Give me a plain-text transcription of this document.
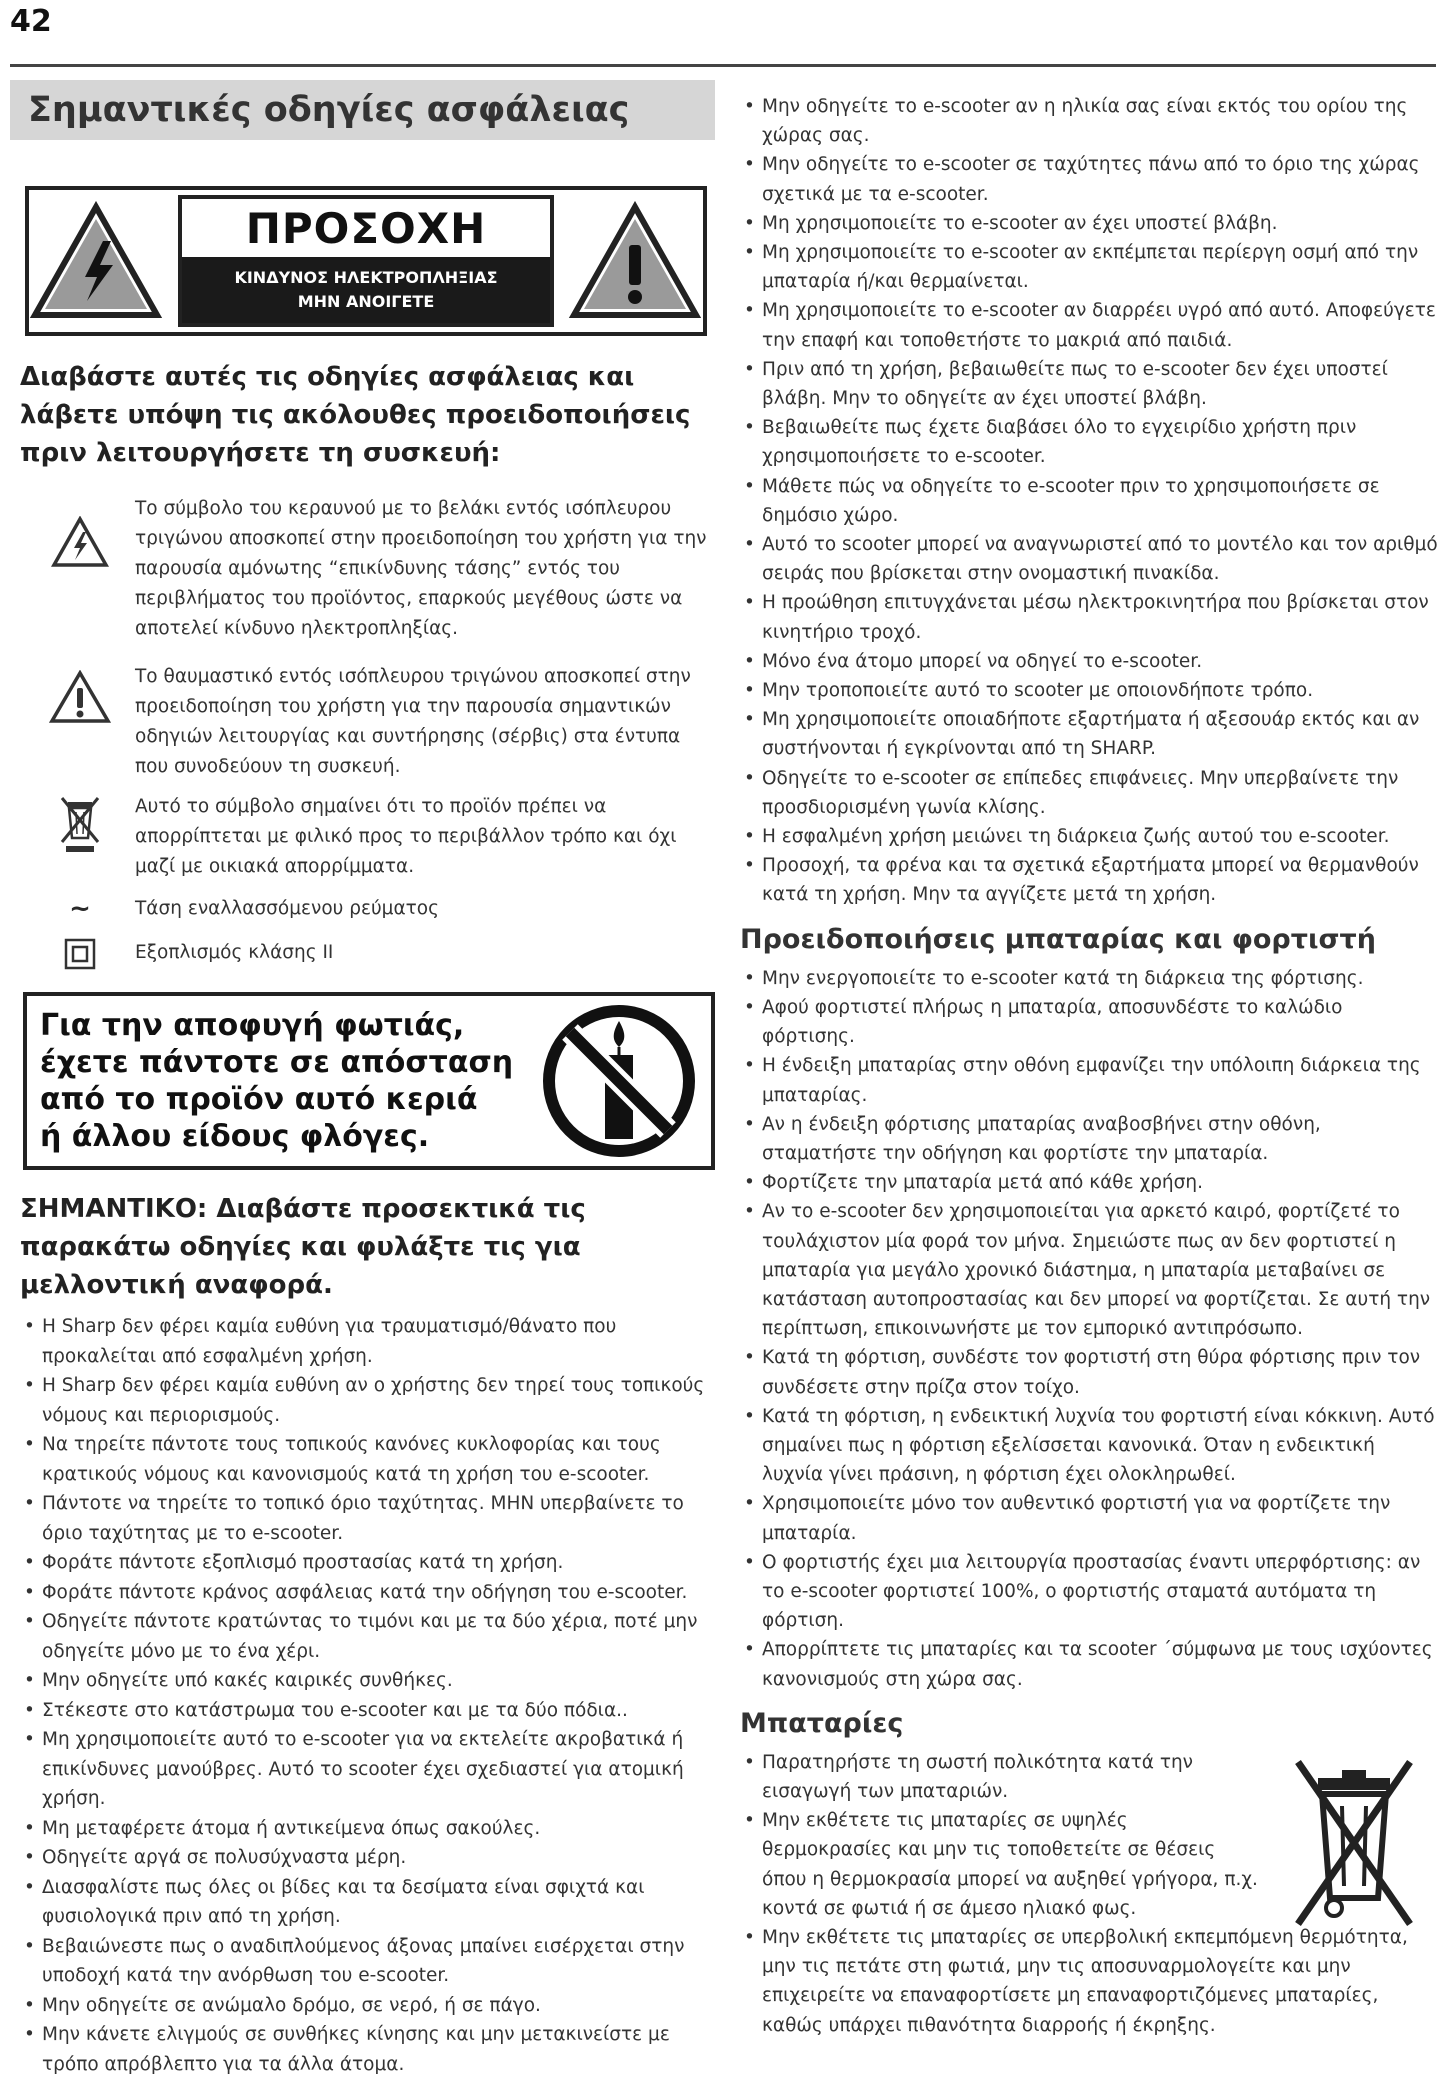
42
Σημαντικές οδηγίες ασφάλειας
ΠΡΟΣΟΧΗ
ΚΙΝΔΥΝΟΣ ΗΛΕΚΤΡΟΠΛΗΞΙΑΣ
ΜΗΝ ΑΝΟΙΓΕΤΕ
Διαβάστε αυτές τις οδηγίες ασφάλειας και λάβετε υπόψη τις ακόλουθες προειδοποιήσεις πριν λειτουργήσετε τη συσκευή:
Το σύμβολο του κεραυνού με το βελάκι εντός ισόπλευρου τριγώνου αποσκοπεί στην προειδοποίηση του χρήστη για την παρουσία αμόνωτης “επικίνδυνης τάσης” εντός του περιβλήματος του προϊόντος, επαρκούς μεγέθους ώστε να αποτελεί κίνδυνο ηλεκτροπληξίας.
Το θαυμαστικό εντός ισόπλευρου τριγώνου αποσκοπεί στην προειδοποίηση του χρήστη για την παρουσία σημαντικών οδηγιών λειτουργίας και συντήρησης (σέρβις) στα έντυπα που συνοδεύουν τη συσκευή.
Αυτό το σύμβολο σημαίνει ότι το προϊόν πρέπει να απορρίπτεται με φιλικό προς το περιβάλλον τρόπο και όχι μαζί με οικιακά απορρίμματα.
~	Τάση εναλλασσόμενου ρεύματος
Εξοπλισμός κλάσης II
Για την αποφυγή φωτιάς,
έχετε πάντοτε σε απόσταση
από το προϊόν αυτό κεριά
ή άλλου είδους φλόγες.
ΣΗΜΑΝΤΙΚΟ: Διαβάστε προσεκτικά τις παρακάτω οδηγίες και φυλάξτε τις για μελλοντική αναφορά.
• Η Sharp δεν φέρει καμία ευθύνη για τραυματισμό/θάνατο που προκαλείται από εσφαλμένη χρήση.
• Η Sharp δεν φέρει καμία ευθύνη αν ο χρήστης δεν τηρεί τους τοπικούς νόμους και περιορισμούς.
• Να τηρείτε πάντοτε τους τοπικούς κανόνες κυκλοφορίας και τους κρατικούς νόμους και κανονισμούς κατά τη χρήση του e-scooter.
• Πάντοτε να τηρείτε το τοπικό όριο ταχύτητας. ΜΗΝ υπερβαίνετε το όριο ταχύτητας με το e-scooter.
• Φοράτε πάντοτε εξοπλισμό προστασίας κατά τη χρήση.
• Φοράτε πάντοτε κράνος ασφάλειας κατά την οδήγηση του e-scooter.
• Οδηγείτε πάντοτε κρατώντας το τιμόνι και με τα δύο χέρια, ποτέ μην οδηγείτε μόνο με το ένα χέρι.
• Μην οδηγείτε υπό κακές καιρικές συνθήκες.
• Στέκεστε στο κατάστρωμα του e-scooter και με τα δύο πόδια..
• Μη χρησιμοποιείτε αυτό το e-scooter για να εκτελείτε ακροβατικά ή επικίνδυνες μανούβρες. Αυτό το scooter έχει σχεδιαστεί για ατομική χρήση.
• Μη μεταφέρετε άτομα ή αντικείμενα όπως σακούλες.
• Οδηγείτε αργά σε πολυσύχναστα μέρη.
• Διασφαλίστε πως όλες οι βίδες και τα δεσίματα είναι σφιχτά και φυσιολογικά πριν από τη χρήση.
• Βεβαιώνεστε πως ο αναδιπλούμενος άξονας μπαίνει εισέρχεται στην υποδοχή κατά την ανόρθωση του e-scooter.
• Μην οδηγείτε σε ανώμαλο δρόμο, σε νερό, ή σε πάγο.
• Μην κάνετε ελιγμούς σε συνθήκες κίνησης και μην μετακινείστε με τρόπο απρόβλεπτο για τα άλλα άτομα.
• Μην οδηγείτε το e-scooter αν η ηλικία σας είναι εκτός του ορίου της χώρας σας.
• Μην οδηγείτε το e-scooter σε ταχύτητες πάνω από το όριο της χώρας σχετικά με τα e-scooter.
• Μη χρησιμοποιείτε το e-scooter αν έχει υποστεί βλάβη.
• Μη χρησιμοποιείτε το e-scooter αν εκπέμπεται περίεργη οσμή από την μπαταρία ή/και θερμαίνεται.
• Μη χρησιμοποιείτε το e-scooter αν διαρρέει υγρό από αυτό. Αποφεύγετε την επαφή και τοποθετήστε το μακριά από παιδιά.
• Πριν από τη χρήση, βεβαιωθείτε πως το e-scooter δεν έχει υποστεί βλάβη. Μην το οδηγείτε αν έχει υποστεί βλάβη.
• Βεβαιωθείτε πως έχετε διαβάσει όλο το εγχειρίδιο χρήστη πριν χρησιμοποιήσετε το e-scooter.
• Μάθετε πώς να οδηγείτε το e-scooter πριν το χρησιμοποιήσετε σε δημόσιο χώρο.
• Αυτό το scooter μπορεί να αναγνωριστεί από το μοντέλο και τον αριθμό σειράς που βρίσκεται στην ονομαστική πινακίδα.
• Η προώθηση επιτυγχάνεται μέσω ηλεκτροκινητήρα που βρίσκεται στον κινητήριο τροχό.
• Μόνο ένα άτομο μπορεί να οδηγεί το e-scooter.
• Μην τροποποιείτε αυτό το scooter με οποιονδήποτε τρόπο.
• Μη χρησιμοποιείτε οποιαδήποτε εξαρτήματα ή αξεσουάρ εκτός και αν συστήνονται ή εγκρίνονται από τη SHARP.
• Οδηγείτε το e-scooter σε επίπεδες επιφάνειες. Μην υπερβαίνετε την προσδιορισμένη γωνία κλίσης.
• Η εσφαλμένη χρήση μειώνει τη διάρκεια ζωής αυτού του e-scooter.
• Προσοχή, τα φρένα και τα σχετικά εξαρτήματα μπορεί να θερμανθούν κατά τη χρήση. Μην τα αγγίζετε μετά τη χρήση.
Προειδοποιήσεις μπαταρίας και φορτιστή
• Μην ενεργοποιείτε το e-scooter κατά τη διάρκεια της φόρτισης.
• Αφού φορτιστεί πλήρως η μπαταρία, αποσυνδέστε το καλώδιο φόρτισης.
• Η ένδειξη μπαταρίας στην οθόνη εμφανίζει την υπόλοιπη διάρκεια της μπαταρίας.
• Αν η ένδειξη φόρτισης μπαταρίας αναβοσβήνει στην οθόνη, σταματήστε την οδήγηση και φορτίστε την μπαταρία.
• Φορτίζετε την μπαταρία μετά από κάθε χρήση.
• Αν το e-scooter δεν χρησιμοποιείται για αρκετό καιρό, φορτίζετέ το τουλάχιστον μία φορά τον μήνα. Σημειώστε πως αν δεν φορτιστεί η μπαταρία για μεγάλο χρονικό διάστημα, η μπαταρία μεταβαίνει σε κατάσταση αυτοπροστασίας και δεν μπορεί να φορτίζεται. Σε αυτή την περίπτωση, επικοινωνήστε με τον εμπορικό αντιπρόσωπο.
• Κατά τη φόρτιση, συνδέστε τον φορτιστή στη θύρα φόρτισης πριν τον συνδέσετε στην πρίζα στον τοίχο.
• Κατά τη φόρτιση, η ενδεικτική λυχνία του φορτιστή είναι κόκκινη. Αυτό σημαίνει πως η φόρτιση εξελίσσεται κανονικά. Όταν η ενδεικτική λυχνία γίνει πράσινη, η φόρτιση έχει ολοκληρωθεί.
• Χρησιμοποιείτε μόνο τον αυθεντικό φορτιστή για να φορτίζετε την μπαταρία.
• Ο φορτιστής έχει μια λειτουργία προστασίας έναντι υπερφόρτισης: αν το e-scooter φορτιστεί 100%, ο φορτιστής σταματά αυτόματα τη φόρτιση.
• Απορρίπτετε τις μπαταρίες και τα scooter ΄σύμφωνα με τους ισχύοντες κανονισμούς στη χώρα σας.
Μπαταρίες
• Παρατηρήστε τη σωστή πολικότητα κατά την εισαγωγή των μπαταριών.
• Μην εκθέτετε τις μπαταρίες σε υψηλές θερμοκρασίες και μην τις τοποθετείτε σε θέσεις όπου η θερμοκρασία μπορεί να αυξηθεί γρήγορα, π.χ. κοντά σε φωτιά ή σε άμεσο ηλιακό φως.
• Μην εκθέτετε τις μπαταρίες σε υπερβολική εκπεμπόμενη θερμότητα, μην τις πετάτε στη φωτιά, μην τις αποσυναρμολογείτε και μην επιχειρείτε να επαναφορτίσετε μη επαναφορτιζόμενες μπαταρίες, καθώς υπάρχει πιθανότητα διαρροής ή έκρηξης.
